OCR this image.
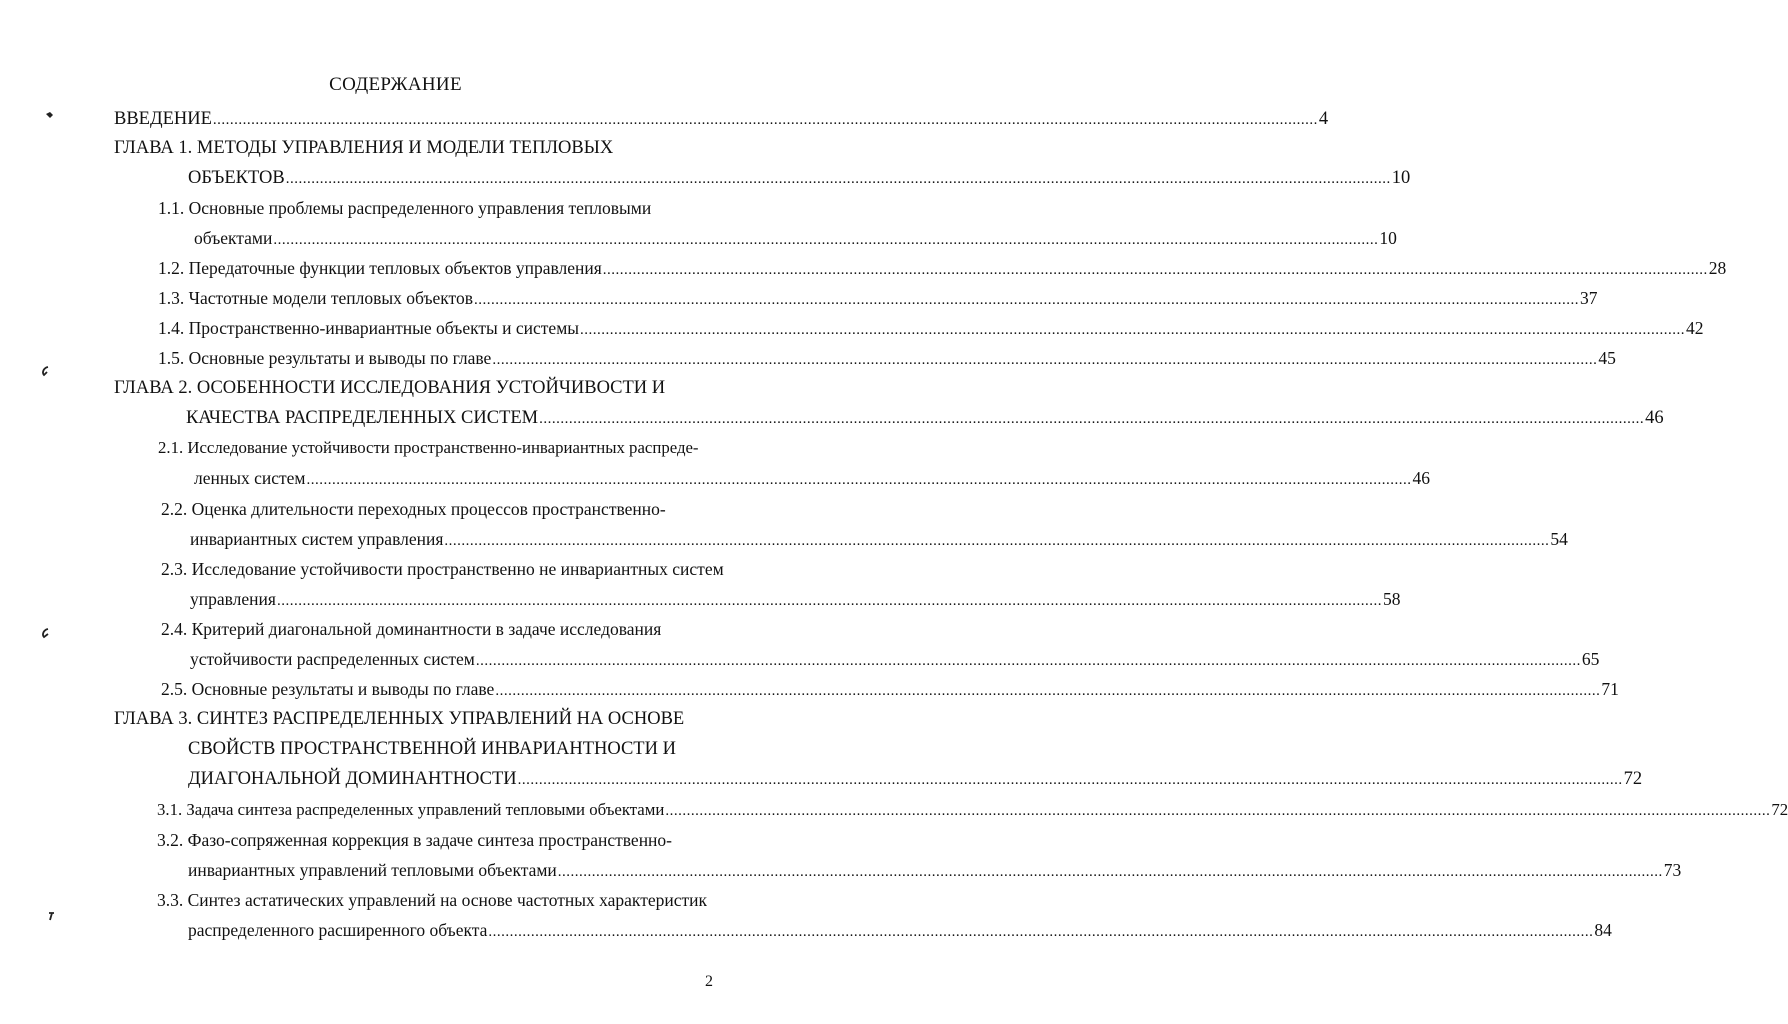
СОДЕРЖАНИЕ
ВВЕДЕНИЕ .................................................................................................................................................................................................................................................................... 4
ГЛАВА 1. МЕТОДЫ УПРАВЛЕНИЯ И МОДЕЛИ ТЕПЛОВЫХ
ОБЪЕКТОВ .................................................................................................................................................................................................................................................................... 10
1.1. Основные проблемы распределенного управления тепловыми
объектами .................................................................................................................................................................................................................................................................... 10
1.2. Передаточные функции тепловых объектов управления .................................................................................................................................................................................................................................................................... 28
1.3. Частотные модели тепловых объектов .................................................................................................................................................................................................................................................................... 37
1.4. Пространственно-инвариантные объекты и системы .................................................................................................................................................................................................................................................................... 42
1.5. Основные результаты и выводы по главе .................................................................................................................................................................................................................................................................... 45
ГЛАВА 2. ОСОБЕННОСТИ ИССЛЕДОВАНИЯ УСТОЙЧИВОСТИ И
КАЧЕСТВА РАСПРЕДЕЛЕННЫХ СИСТЕМ .................................................................................................................................................................................................................................................................... 46
2.1. Исследование устойчивости пространственно-инвариантных распреде-
ленных систем .................................................................................................................................................................................................................................................................... 46
2.2. Оценка длительности переходных процессов пространственно-
инвариантных систем управления .................................................................................................................................................................................................................................................................... 54
2.3. Исследование устойчивости пространственно не инвариантных систем
управления .................................................................................................................................................................................................................................................................... 58
2.4. Критерий диагональной доминантности в задаче исследования
устойчивости распределенных систем .................................................................................................................................................................................................................................................................... 65
2.5. Основные результаты и выводы по главе .................................................................................................................................................................................................................................................................... 71
ГЛАВА 3. СИНТЕЗ РАСПРЕДЕЛЕННЫХ УПРАВЛЕНИЙ НА ОСНОВЕ
СВОЙСТВ ПРОСТРАНСТВЕННОЙ ИНВАРИАНТНОСТИ И
ДИАГОНАЛЬНОЙ ДОМИНАНТНОСТИ .................................................................................................................................................................................................................................................................... 72
3.1. Задача синтеза распределенных управлений тепловыми объектами .................................................................................................................................................................................................................................................................... 72
3.2. Фазо-сопряженная коррекция в задаче синтеза пространственно-
инвариантных управлений тепловыми объектами .................................................................................................................................................................................................................................................................... 73
3.3. Синтез астатических управлений на основе частотных характеристик
распределенного расширенного объекта .................................................................................................................................................................................................................................................................... 84
2
